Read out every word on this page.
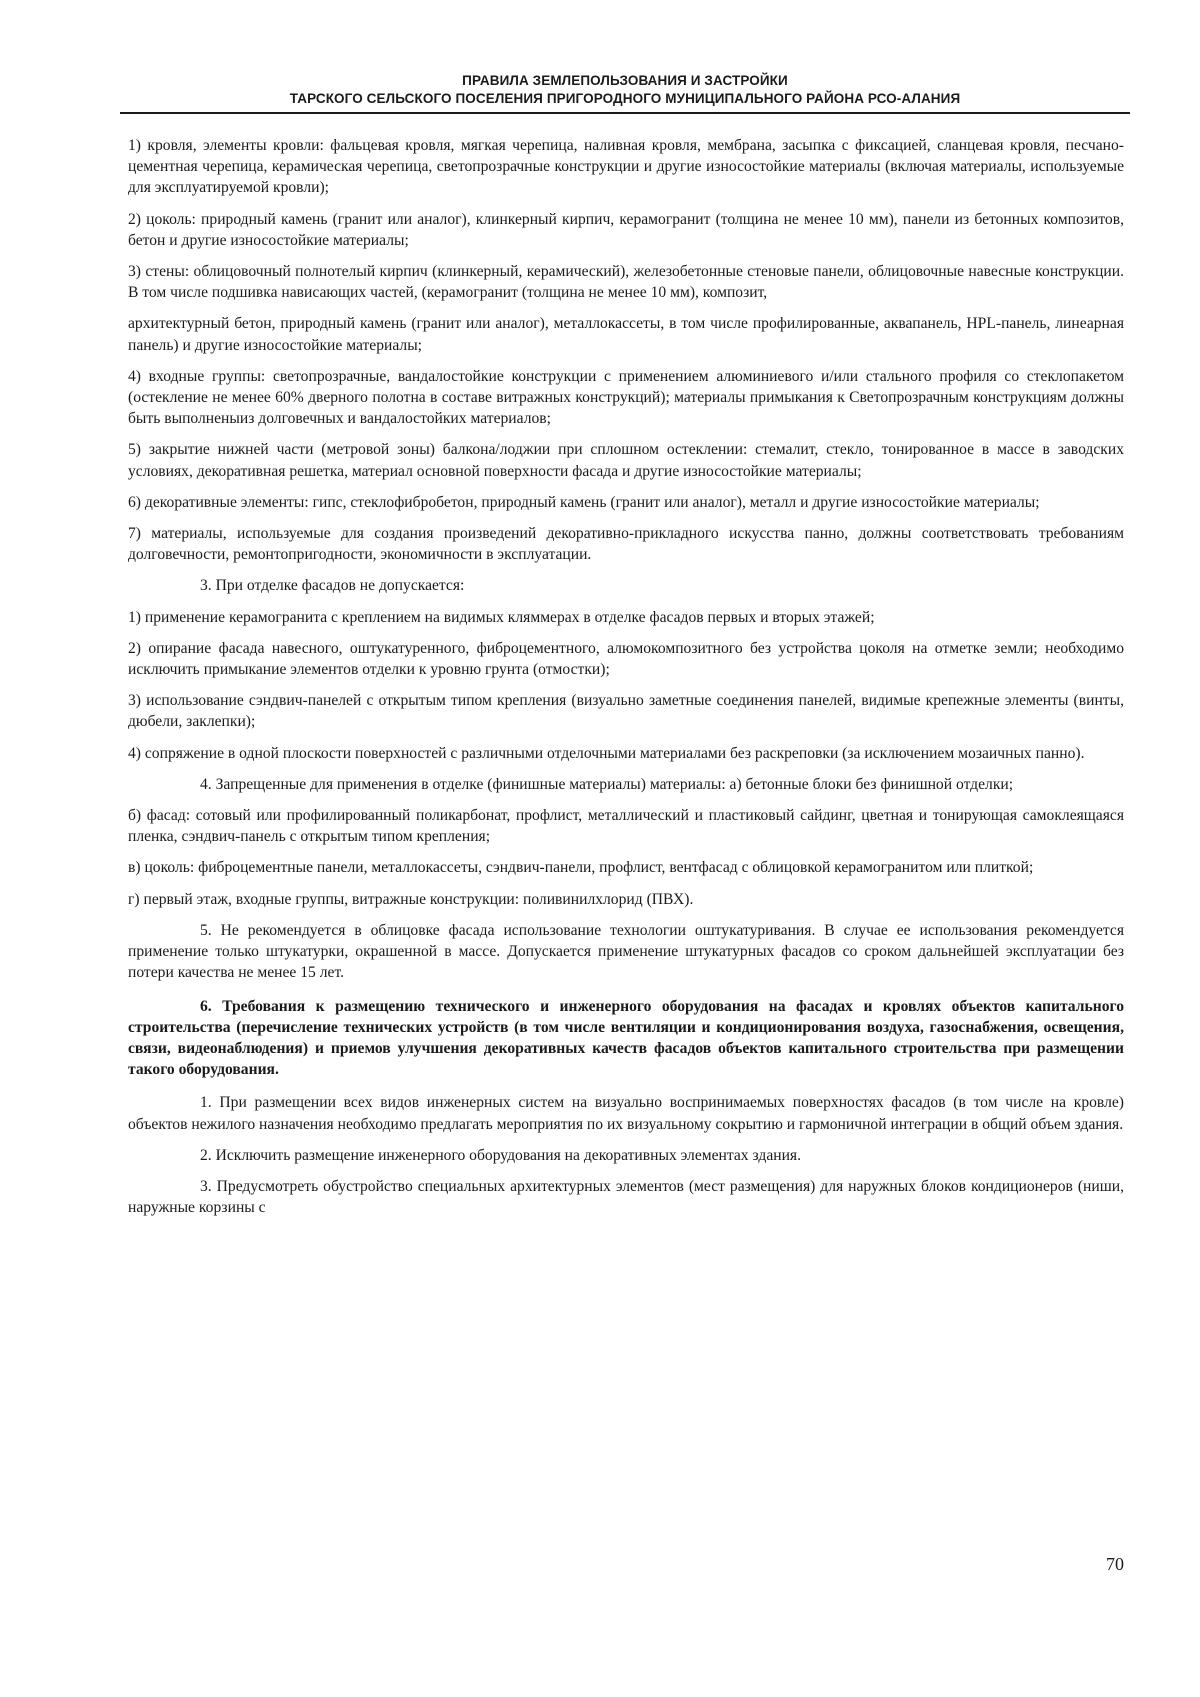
ПРАВИЛА ЗЕМЛЕПОЛЬЗОВАНИЯ И ЗАСТРОЙКИ
ТАРСКОГО СЕЛЬСКОГО ПОСЕЛЕНИЯ ПРИГОРОДНОГО МУНИЦИПАЛЬНОГО РАЙОНА РСО-АЛАНИЯ

1) кровля, элементы кровли: фальцевая кровля, мягкая черепица, наливная кровля, мембрана, засыпка с фиксацией, сланцевая кровля, песчано-цементная черепица, керамическая черепица, светопрозрачные конструкции и другие износостойкие материалы (включая материалы, используемые для эксплуатируемой кровли);

2) цоколь: природный камень (гранит или аналог), клинкерный кирпич, керамогранит (толщина не менее 10 мм), панели из бетонных композитов, бетон и другие износостойкие материалы;

3) стены: облицовочный полнотелый кирпич (клинкерный, керамический), железобетонные стеновые панели, облицовочные навесные конструкции. В том числе подшивка нависающих частей, (керамогранит (толщина не менее 10 мм), композит,

архитектурный бетон, природный камень (гранит или аналог), металлокассеты, в том числе профилированные, аквапанель, HPL-панель, линеарная панель) и другие износостойкие материалы;

4) входные группы: светопрозрачные, вандалостойкие конструкции с применением алюминиевого и/или стального профиля со стеклопакетом (остекление не менее 60% дверного полотна в составе витражных конструкций); материалы примыкания к Светопрозрачным конструкциям должны быть выполненыиз долговечных и вандалостойких материалов;

5) закрытие нижней части (метровой зоны) балкона/лоджии при сплошном остеклении: стемалит, стекло, тонированное в массе в заводских условиях, декоративная решетка, материал основной поверхности фасада и другие износостойкие материалы;

6) декоративные элементы: гипс, стеклофибробетон, природный камень (гранит или аналог), металл и другие износостойкие материалы;

7) материалы, используемые для создания произведений декоративно-прикладного искусства панно, должны соответствовать требованиям долговечности, ремонтопригодности, экономичности в эксплуатации.

3. При отделке фасадов не допускается:

1) применение керамогранита с креплением на видимых кляммерах в отделке фасадов первых и вторых этажей;

2) опирание фасада навесного, оштукатуренного, фиброцементного, алюмокомпозитного без устройства цоколя на отметке земли; необходимо исключить примыкание элементов отделки к уровню грунта (отмостки);

3) использование сэндвич-панелей с открытым типом крепления (визуально заметные соединения панелей, видимые крепежные элементы (винты, дюбели, заклепки);

4) сопряжение в одной плоскости поверхностей с различными отделочными материалами без раскреповки (за исключением мозаичных панно).

4. Запрещенные для применения в отделке (финишные материалы) материалы: а) бетонные блоки без финишной отделки;

б) фасад: сотовый или профилированный поликарбонат, профлист, металлический и пластиковый сайдинг, цветная и тонирующая самоклеящаяся пленка, сэндвич-панель с открытым типом крепления;

в) цоколь: фиброцементные панели, металлокассеты, сэндвич-панели, профлист, вентфасад с облицовкой керамогранитом или плиткой;

г) первый этаж, входные группы, витражные конструкции: поливинилхлорид (ПВХ).

5. Не рекомендуется в облицовке фасада использование технологии оштукатуривания. В случае ее использования рекомендуется применение только штукатурки, окрашенной в массе. Допускается применение штукатурных фасадов со сроком дальнейшей эксплуатации без потери качества не менее 15 лет.

6. Требования к размещению технического и инженерного оборудования на фасадах и кровлях объектов капитального строительства (перечисление технических устройств (в том числе вентиляции и кондиционирования воздуха, газоснабжения, освещения, связи, видеонаблюдения) и приемов улучшения декоративных качеств фасадов объектов капитального строительства при размещении такого оборудования.

1. При размещении всех видов инженерных систем на визуально воспринимаемых поверхностях фасадов (в том числе на кровле) объектов нежилого назначения необходимо предлагать мероприятия по их визуальному сокрытию и гармоничной интеграции в общий объем здания.

2. Исключить размещение инженерного оборудования на декоративных элементах здания.

3. Предусмотреть обустройство специальных архитектурных элементов (мест размещения) для наружных блоков кондиционеров (ниши, наружные корзины с

70
